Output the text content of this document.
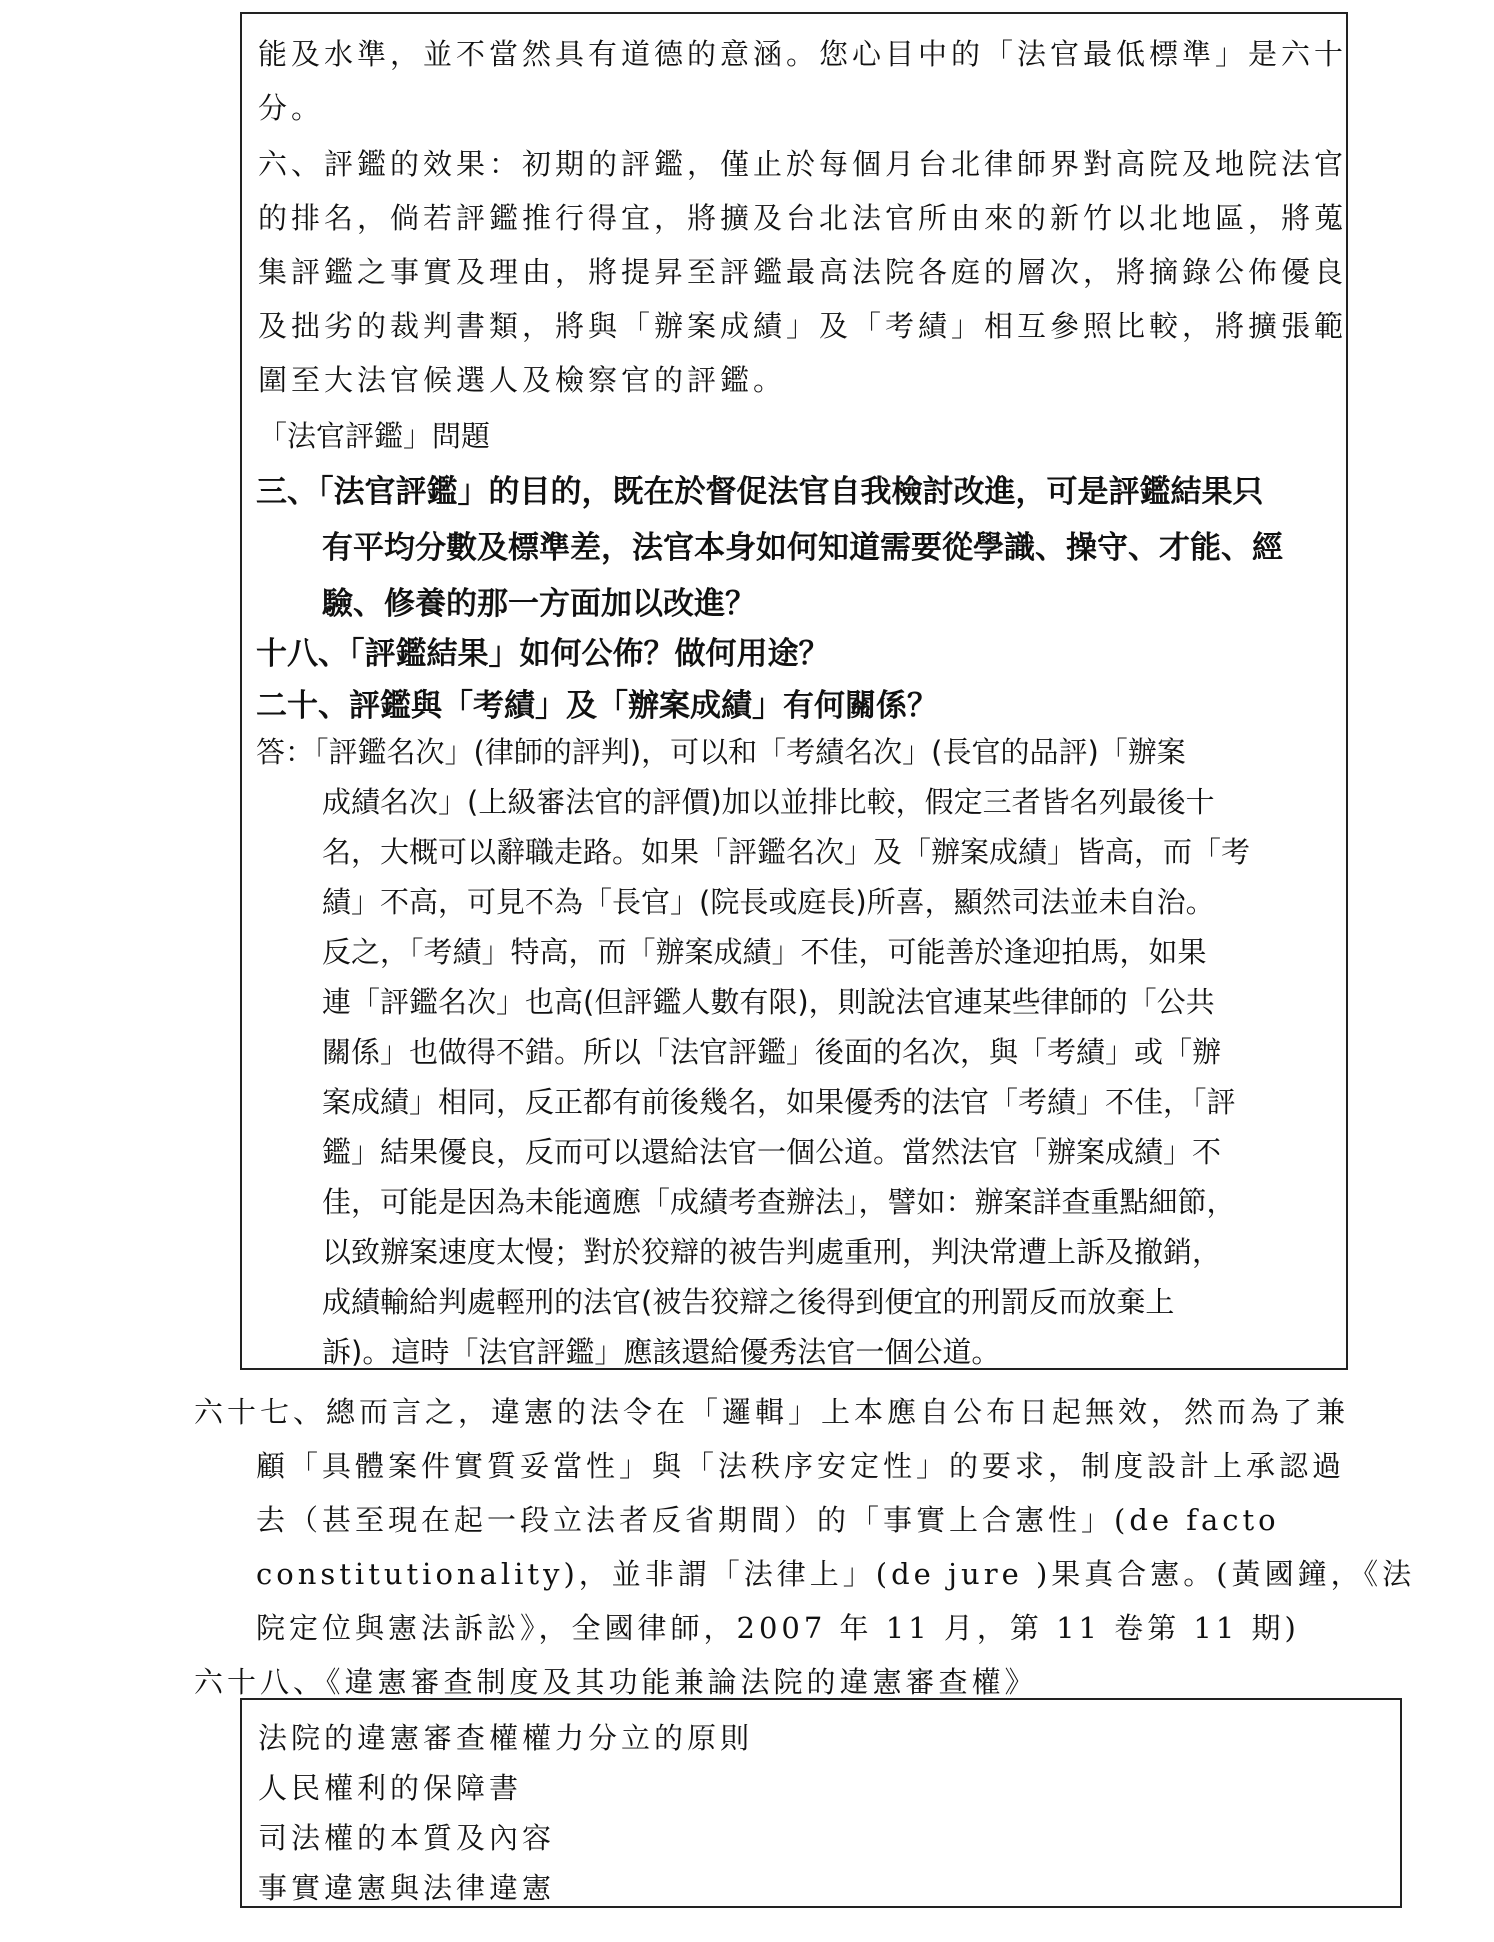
能及水準，並不當然具有道德的意涵。您心目中的「法官最低標準」是六十
分。
六、評鑑的效果：初期的評鑑，僅止於每個月台北律師界對高院及地院法官
的排名，倘若評鑑推行得宜，將擴及台北法官所由來的新竹以北地區，將蒐
集評鑑之事實及理由，將提昇至評鑑最高法院各庭的層次，將摘錄公佈優良
及拙劣的裁判書類，將與「辦案成績」及「考績」相互參照比較，將擴張範
圍至大法官候選人及檢察官的評鑑。
「法官評鑑」問題
三、「法官評鑑」的目的，既在於督促法官自我檢討改進，可是評鑑結果只
有平均分數及標準差，法官本身如何知道需要從學識、操守、才能、經
驗、修養的那一方面加以改進？
十八、「評鑑結果」如何公佈？做何用途？
二十、評鑑與「考績」及「辦案成績」有何關係？
答：「評鑑名次」(律師的評判)，可以和「考績名次」(長官的品評)「辦案
成績名次」(上級審法官的評價)加以並排比較，假定三者皆名列最後十
名，大概可以辭職走路。如果「評鑑名次」及「辦案成績」皆高，而「考
績」不高，可見不為「長官」(院長或庭長)所喜，顯然司法並未自治。
反之，「考績」特高，而「辦案成績」不佳，可能善於逢迎拍馬，如果
連「評鑑名次」也高(但評鑑人數有限)，則說法官連某些律師的「公共
關係」也做得不錯。所以「法官評鑑」後面的名次，與「考績」或「辦
案成績」相同，反正都有前後幾名，如果優秀的法官「考績」不佳，「評
鑑」結果優良，反而可以還給法官一個公道。當然法官「辦案成績」不
佳，可能是因為未能適應「成績考查辦法」，譬如：辦案詳查重點細節，
以致辦案速度太慢；對於狡辯的被告判處重刑，判決常遭上訴及撤銷，
成績輸給判處輕刑的法官(被告狡辯之後得到便宜的刑罰反而放棄上
訴)。這時「法官評鑑」應該還給優秀法官一個公道。
六十七、總而言之，違憲的法令在「邏輯」上本應自公布日起無效，然而為了兼
顧「具體案件實質妥當性」與「法秩序安定性」的要求，制度設計上承認過
去（甚至現在起一段立法者反省期間）的「事實上合憲性」(de facto
constitutionality)，並非謂「法律上」(de jure )果真合憲。(黃國鐘，《法
院定位與憲法訴訟》，全國律師，2007 年 11 月，第 11 卷第 11 期)
六十八、《違憲審查制度及其功能兼論法院的違憲審查權》
法院的違憲審查權權力分立的原則
人民權利的保障書
司法權的本質及內容
事實違憲與法律違憲
